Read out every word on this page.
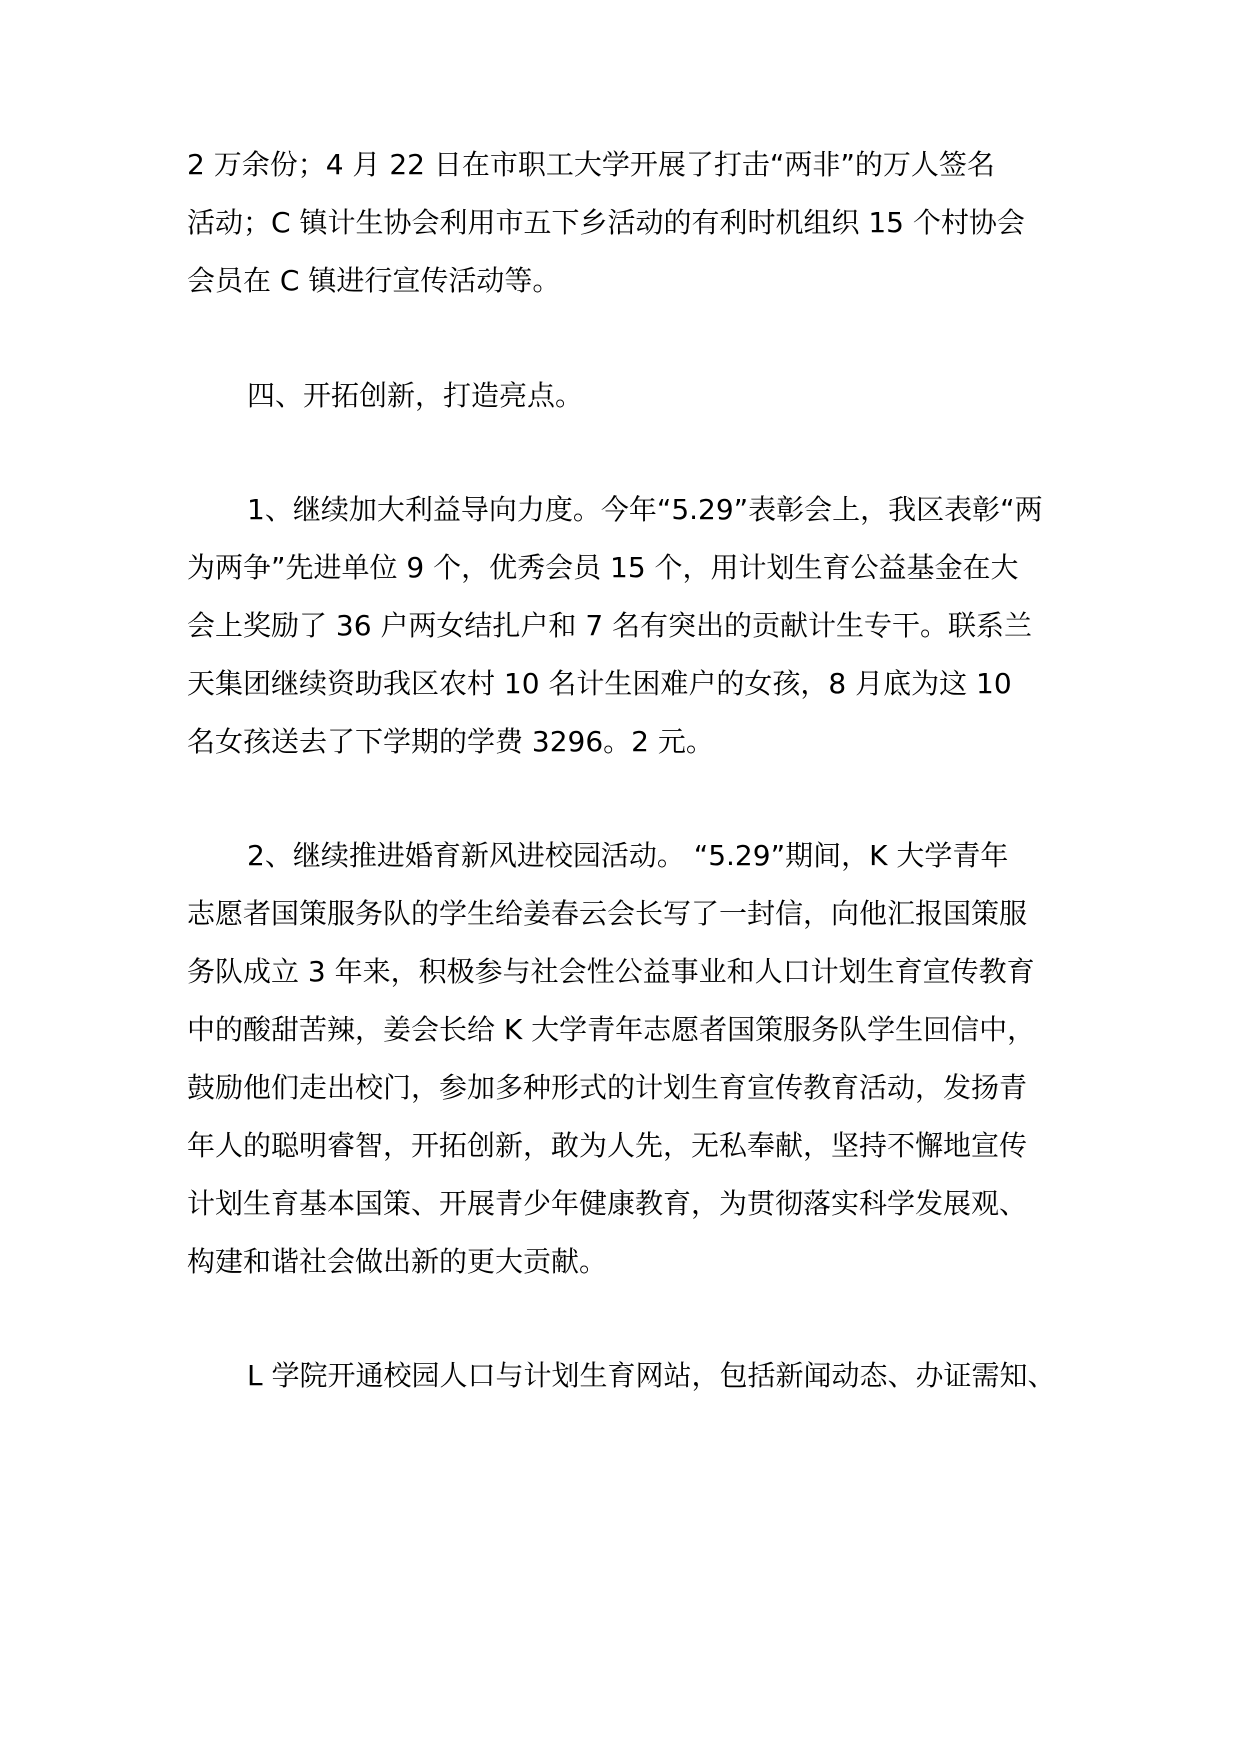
2 万余份；4 月 22 日在市职工大学开展了打击“两非”的万人签名
活动；C 镇计生协会利用市五下乡活动的有利时机组织 15 个村协会
会员在 C 镇进行宣传活动等。
四、开拓创新，打造亮点。
1、继续加大利益导向力度。今年“5.29”表彰会上，我区表彰“两
为两争”先进单位 9 个，优秀会员 15 个，用计划生育公益基金在大
会上奖励了 36 户两女结扎户和 7 名有突出的贡献计生专干。联系兰
天集团继续资助我区农村 10 名计生困难户的女孩，8 月底为这 10
名女孩送去了下学期的学费 3296。2 元。
2、继续推进婚育新风进校园活动。 “5.29”期间，K 大学青年
志愿者国策服务队的学生给姜春云会长写了一封信，向他汇报国策服
务队成立 3 年来，积极参与社会性公益事业和人口计划生育宣传教育
中的酸甜苦辣，姜会长给 K 大学青年志愿者国策服务队学生回信中，
鼓励他们走出校门，参加多种形式的计划生育宣传教育活动，发扬青
年人的聪明睿智，开拓创新，敢为人先，无私奉献，坚持不懈地宣传
计划生育基本国策、开展青少年健康教育，为贯彻落实科学发展观、
构建和谐社会做出新的更大贡献。
L 学院开通校园人口与计划生育网站，包括新闻动态、办证需知、
